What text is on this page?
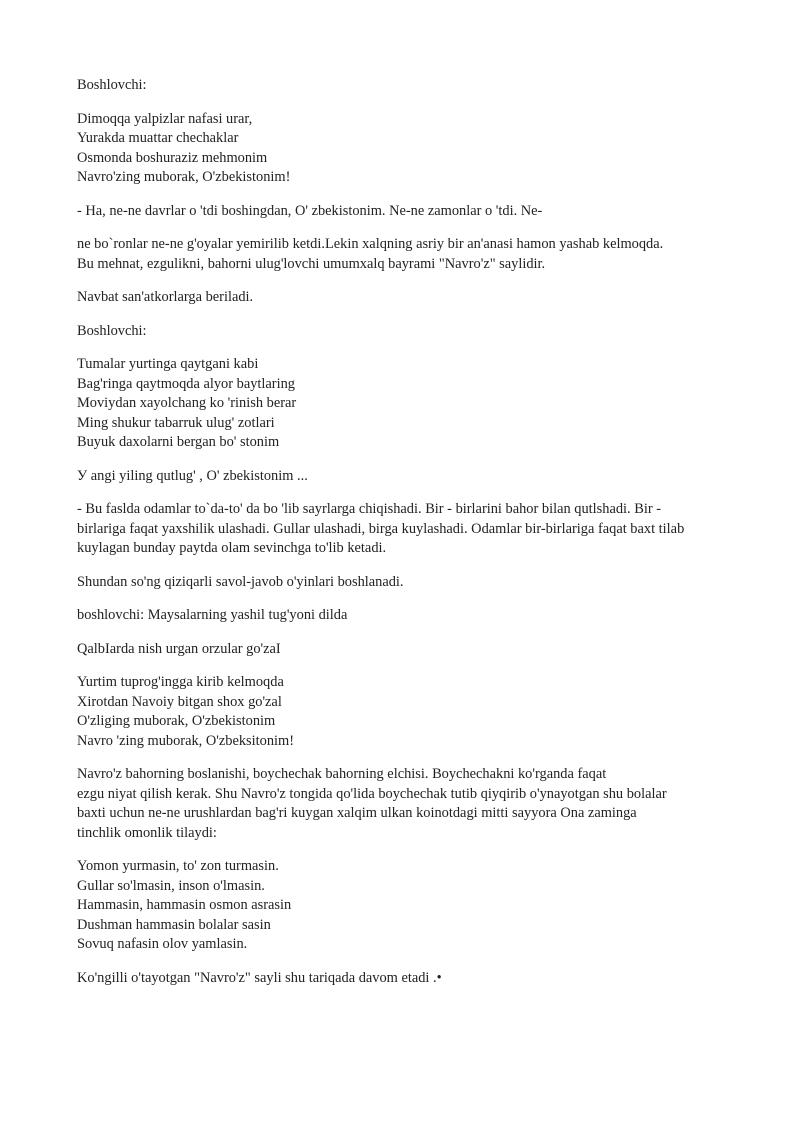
Boshlovchi:

Dimoqqa yalpizlar nafasi urar,
Yurakda muattar chechaklar
Osmonda boshuraziz mehmonim
Navro'zing muborak, O'zbekistonim!

- Ha, ne-ne davrlar o 'tdi boshingdan, O' zbekistonim. Ne-ne zamonlar o 'tdi. Ne-

ne bo`ronlar ne-ne g'oyalar yemirilib ketdi.Lekin xalqning asriy bir an'anasi hamon yashab kelmoqda.
Bu mehnat, ezgulikni, bahorni ulug'lovchi umumxalq bayrami "Navro'z" saylidir.

Navbat san'atkorlarga beriladi.

Boshlovchi:

Tumalar yurtinga qaytgani kabi
Bag'ringa qaytmoqda alyor baytlaring
Moviydan xayolchang ko 'rinish berar
Ming shukur tabarruk ulug' zotlari
Buyuk daxolarni bergan bo' stonim

У angi yiling qutlug' , O' zbekistonim ...

- Bu faslda odamlar to`da-to' da bo 'lib sayrlarga chiqishadi. Bir - birlarini bahor bilan qutlshadi. Bir -
birlariga faqat yaxshilik ulashadi. Gullar ulashadi, birga kuylashadi. Odamlar bir-birlariga faqat baxt tilab
kuylagan bunday paytda olam sevinchga to'lib ketadi.

Shundan so'ng qiziqarli savol-javob o'yinlari boshlanadi.

boshlovchi: Maysalarning yashil tug'yoni dilda

QalbIarda nish urgan orzular go'zaI

Yurtim tuprog'ingga kirib kelmoqda
Xirotdan Navoiy bitgan shox go'zal
O'zliging muborak, O'zbekistonim
Navro 'zing muborak, O'zbeksitonim!
Navro'z bahorning boslanishi, boychechak bahorning elchisi. Boychechakni ko'rganda faqat
ezgu niyat qilish kerak. Shu Navro'z tongida qo'lida boychechak tutib qiyqirib o'ynayotgan shu bolalar
baxti uchun ne-ne urushlardan bag'ri kuygan xalqim ulkan koinotdagi mitti sayyora Ona zaminga
tinchlik omonlik tilaydi:
Yomon yurmasin, to' zon turmasin.
Gullar so'lmasin, inson o'lmasin.
Hammasin, hammasin osmon asrasin
Dushman hammasin bolalar sasin
Sovuq nafasin olov yamlasin.

Ko'ngilli o'tayotgan "Navro'z" sayli shu tariqada davom etadi .•
